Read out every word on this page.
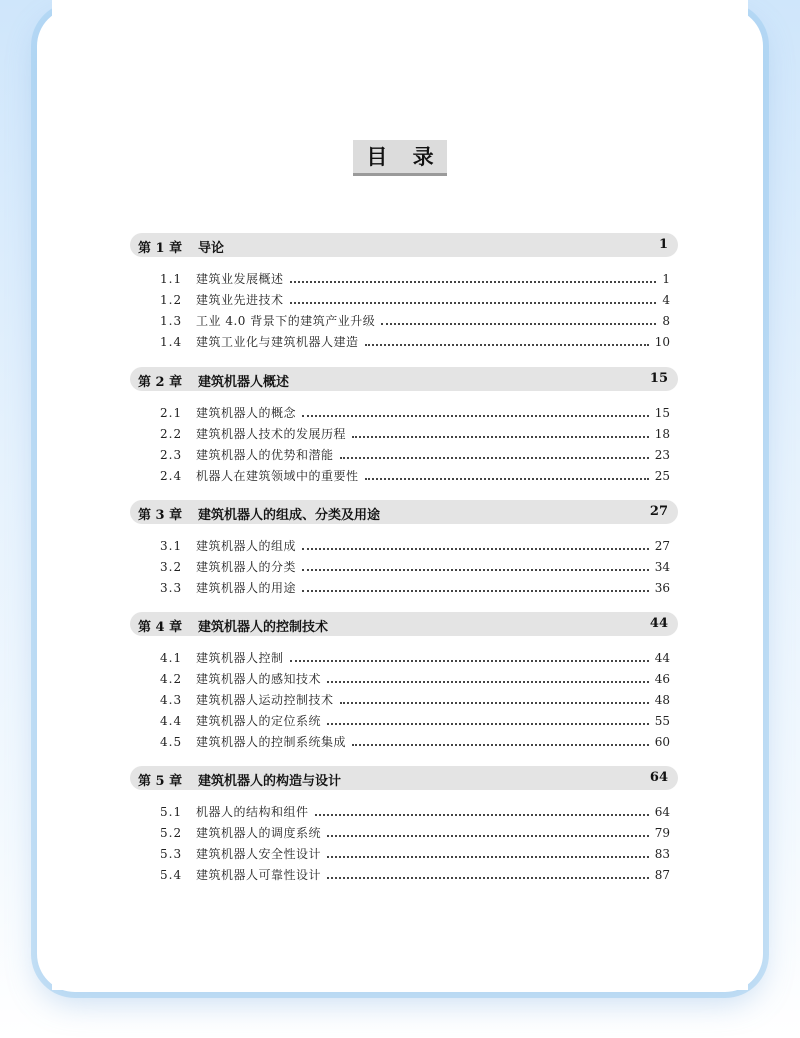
目 录
第 1 章 导论	1
1.1	建筑业发展概述	1
1.2	建筑业先进技术	4
1.3	工业 4.0 背景下的建筑产业升级	8
1.4	建筑工业化与建筑机器人建造	10
第 2 章 建筑机器人概述	15
2.1	建筑机器人的概念	15
2.2	建筑机器人技术的发展历程	18
2.3	建筑机器人的优势和潜能	23
2.4	机器人在建筑领域中的重要性	25
第 3 章 建筑机器人的组成、分类及用途	27
3.1	建筑机器人的组成	27
3.2	建筑机器人的分类	34
3.3	建筑机器人的用途	36
第 4 章 建筑机器人的控制技术	44
4.1	建筑机器人控制	44
4.2	建筑机器人的感知技术	46
4.3	建筑机器人运动控制技术	48
4.4	建筑机器人的定位系统	55
4.5	建筑机器人的控制系统集成	60
第 5 章 建筑机器人的构造与设计	64
5.1	机器人的结构和组件	64
5.2	建筑机器人的调度系统	79
5.3	建筑机器人安全性设计	83
5.4	建筑机器人可靠性设计	87
